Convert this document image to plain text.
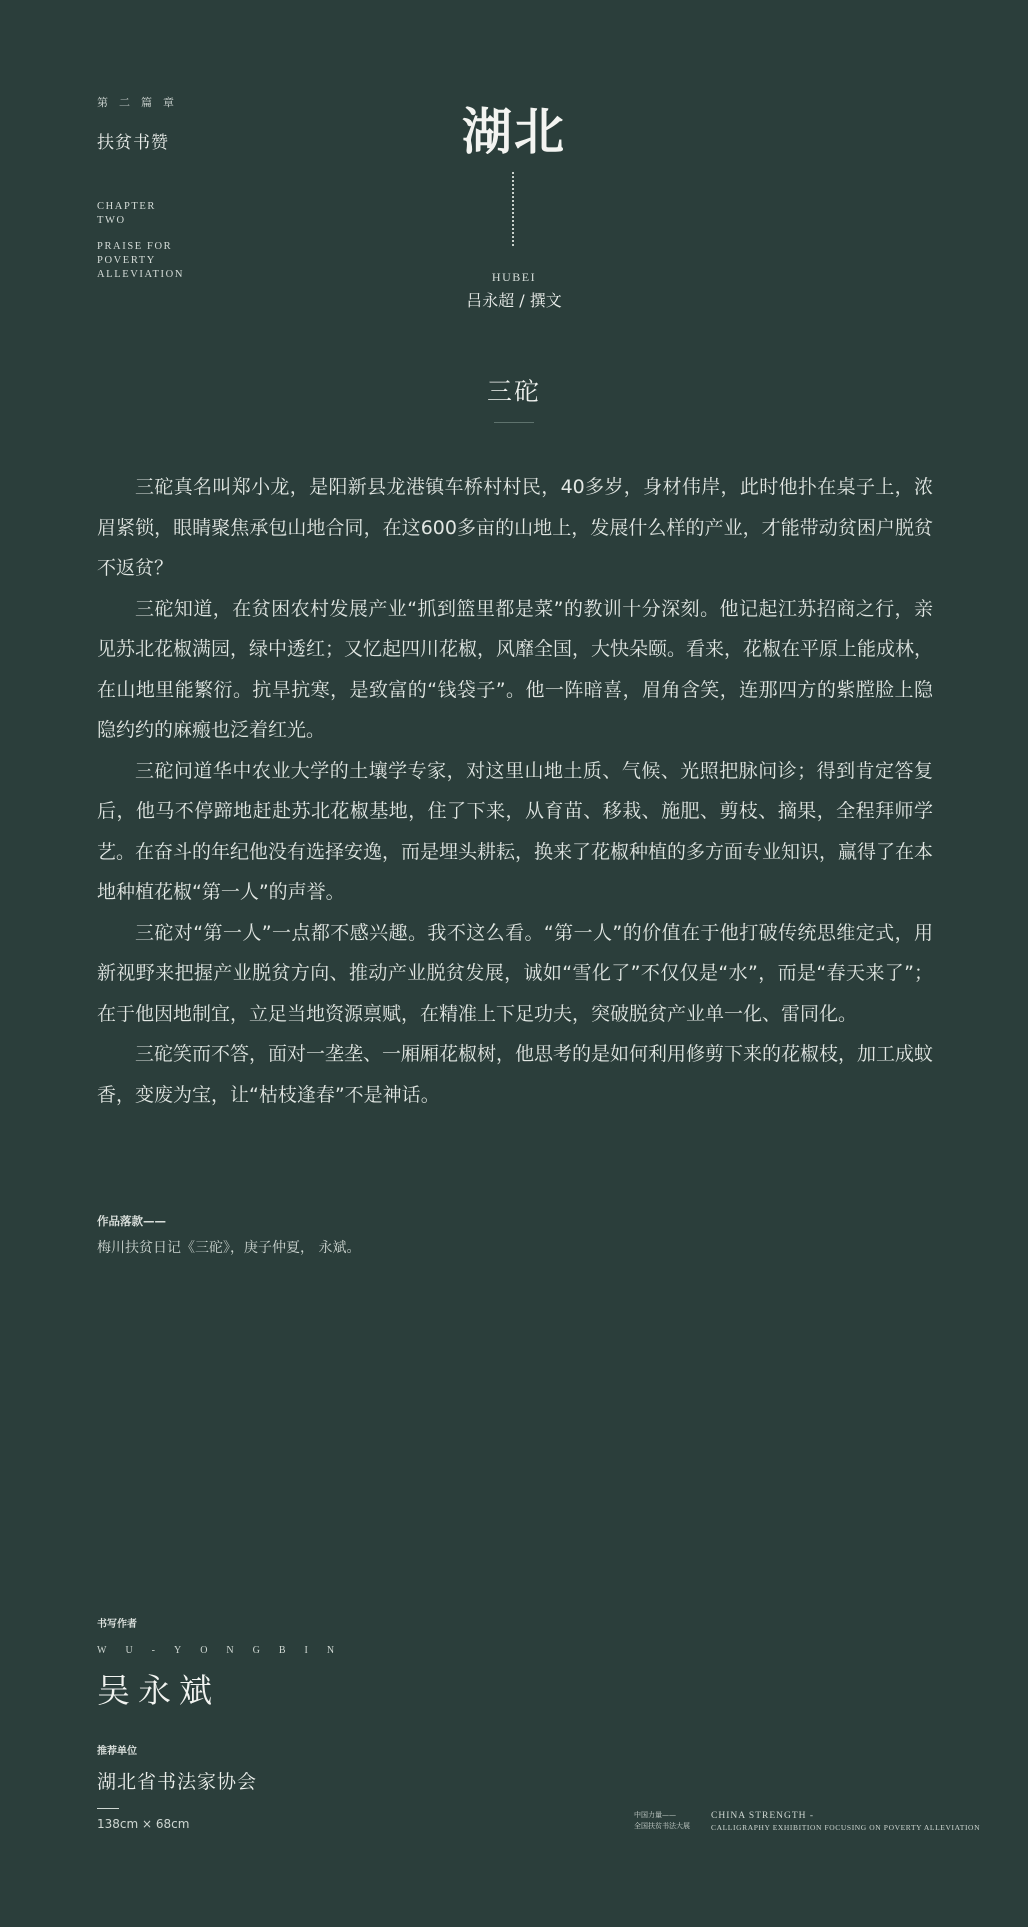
第二篇章
扶贫书赞
CHAPTER
TWO
PRAISE FOR
POVERTY
ALLEVIATION
湖北
HUBEI
吕永超 / 撰文
三砣

三砣真名叫郑小龙，是阳新县龙港镇车桥村村民，40多岁，身材伟岸，此时他扑在桌子上，浓眉紧锁，眼睛聚焦承包山地合同，在这600多亩的山地上，发展什么样的产业，才能带动贫困户脱贫不返贫？

三砣知道，在贫困农村发展产业“抓到篮里都是菜”的教训十分深刻。他记起江苏招商之行，亲见苏北花椒满园，绿中透红；又忆起四川花椒，风靡全国，大快朵颐。看来，花椒在平原上能成林，在山地里能繁衍。抗旱抗寒，是致富的“钱袋子”。他一阵暗喜，眉角含笑，连那四方的紫膛脸上隐隐约约的麻瘢也泛着红光。

三砣问道华中农业大学的土壤学专家，对这里山地土质、气候、光照把脉问诊；得到肯定答复后，他马不停蹄地赶赴苏北花椒基地，住了下来，从育苗、移栽、施肥、剪枝、摘果，全程拜师学艺。在奋斗的年纪他没有选择安逸，而是埋头耕耘，换来了花椒种植的多方面专业知识，赢得了在本地种植花椒“第一人”的声誉。

三砣对“第一人”一点都不感兴趣。我不这么看。“第一人”的价值在于他打破传统思维定式，用新视野来把握产业脱贫方向、推动产业脱贫发展，诚如“雪化了”不仅仅是“水”，而是“春天来了”；在于他因地制宜，立足当地资源禀赋，在精准上下足功夫，突破脱贫产业单一化、雷同化。

三砣笑而不答，面对一垄垄、一厢厢花椒树，他思考的是如何利用修剪下来的花椒枝，加工成蚊香，变废为宝，让“枯枝逢春”不是神话。

作品落款——
梅川扶贫日记《三砣》，庚子仲夏， 永斌。
书写作者
WU-YONGBIN
吴永斌
推荐单位
湖北省书法家协会
138cm × 68cm
中国力量——
全国扶贫书法大展
CHINA STRENGTH -
CALLIGRAPHY EXHIBITION FOCUSING ON POVERTY ALLEVIATION
